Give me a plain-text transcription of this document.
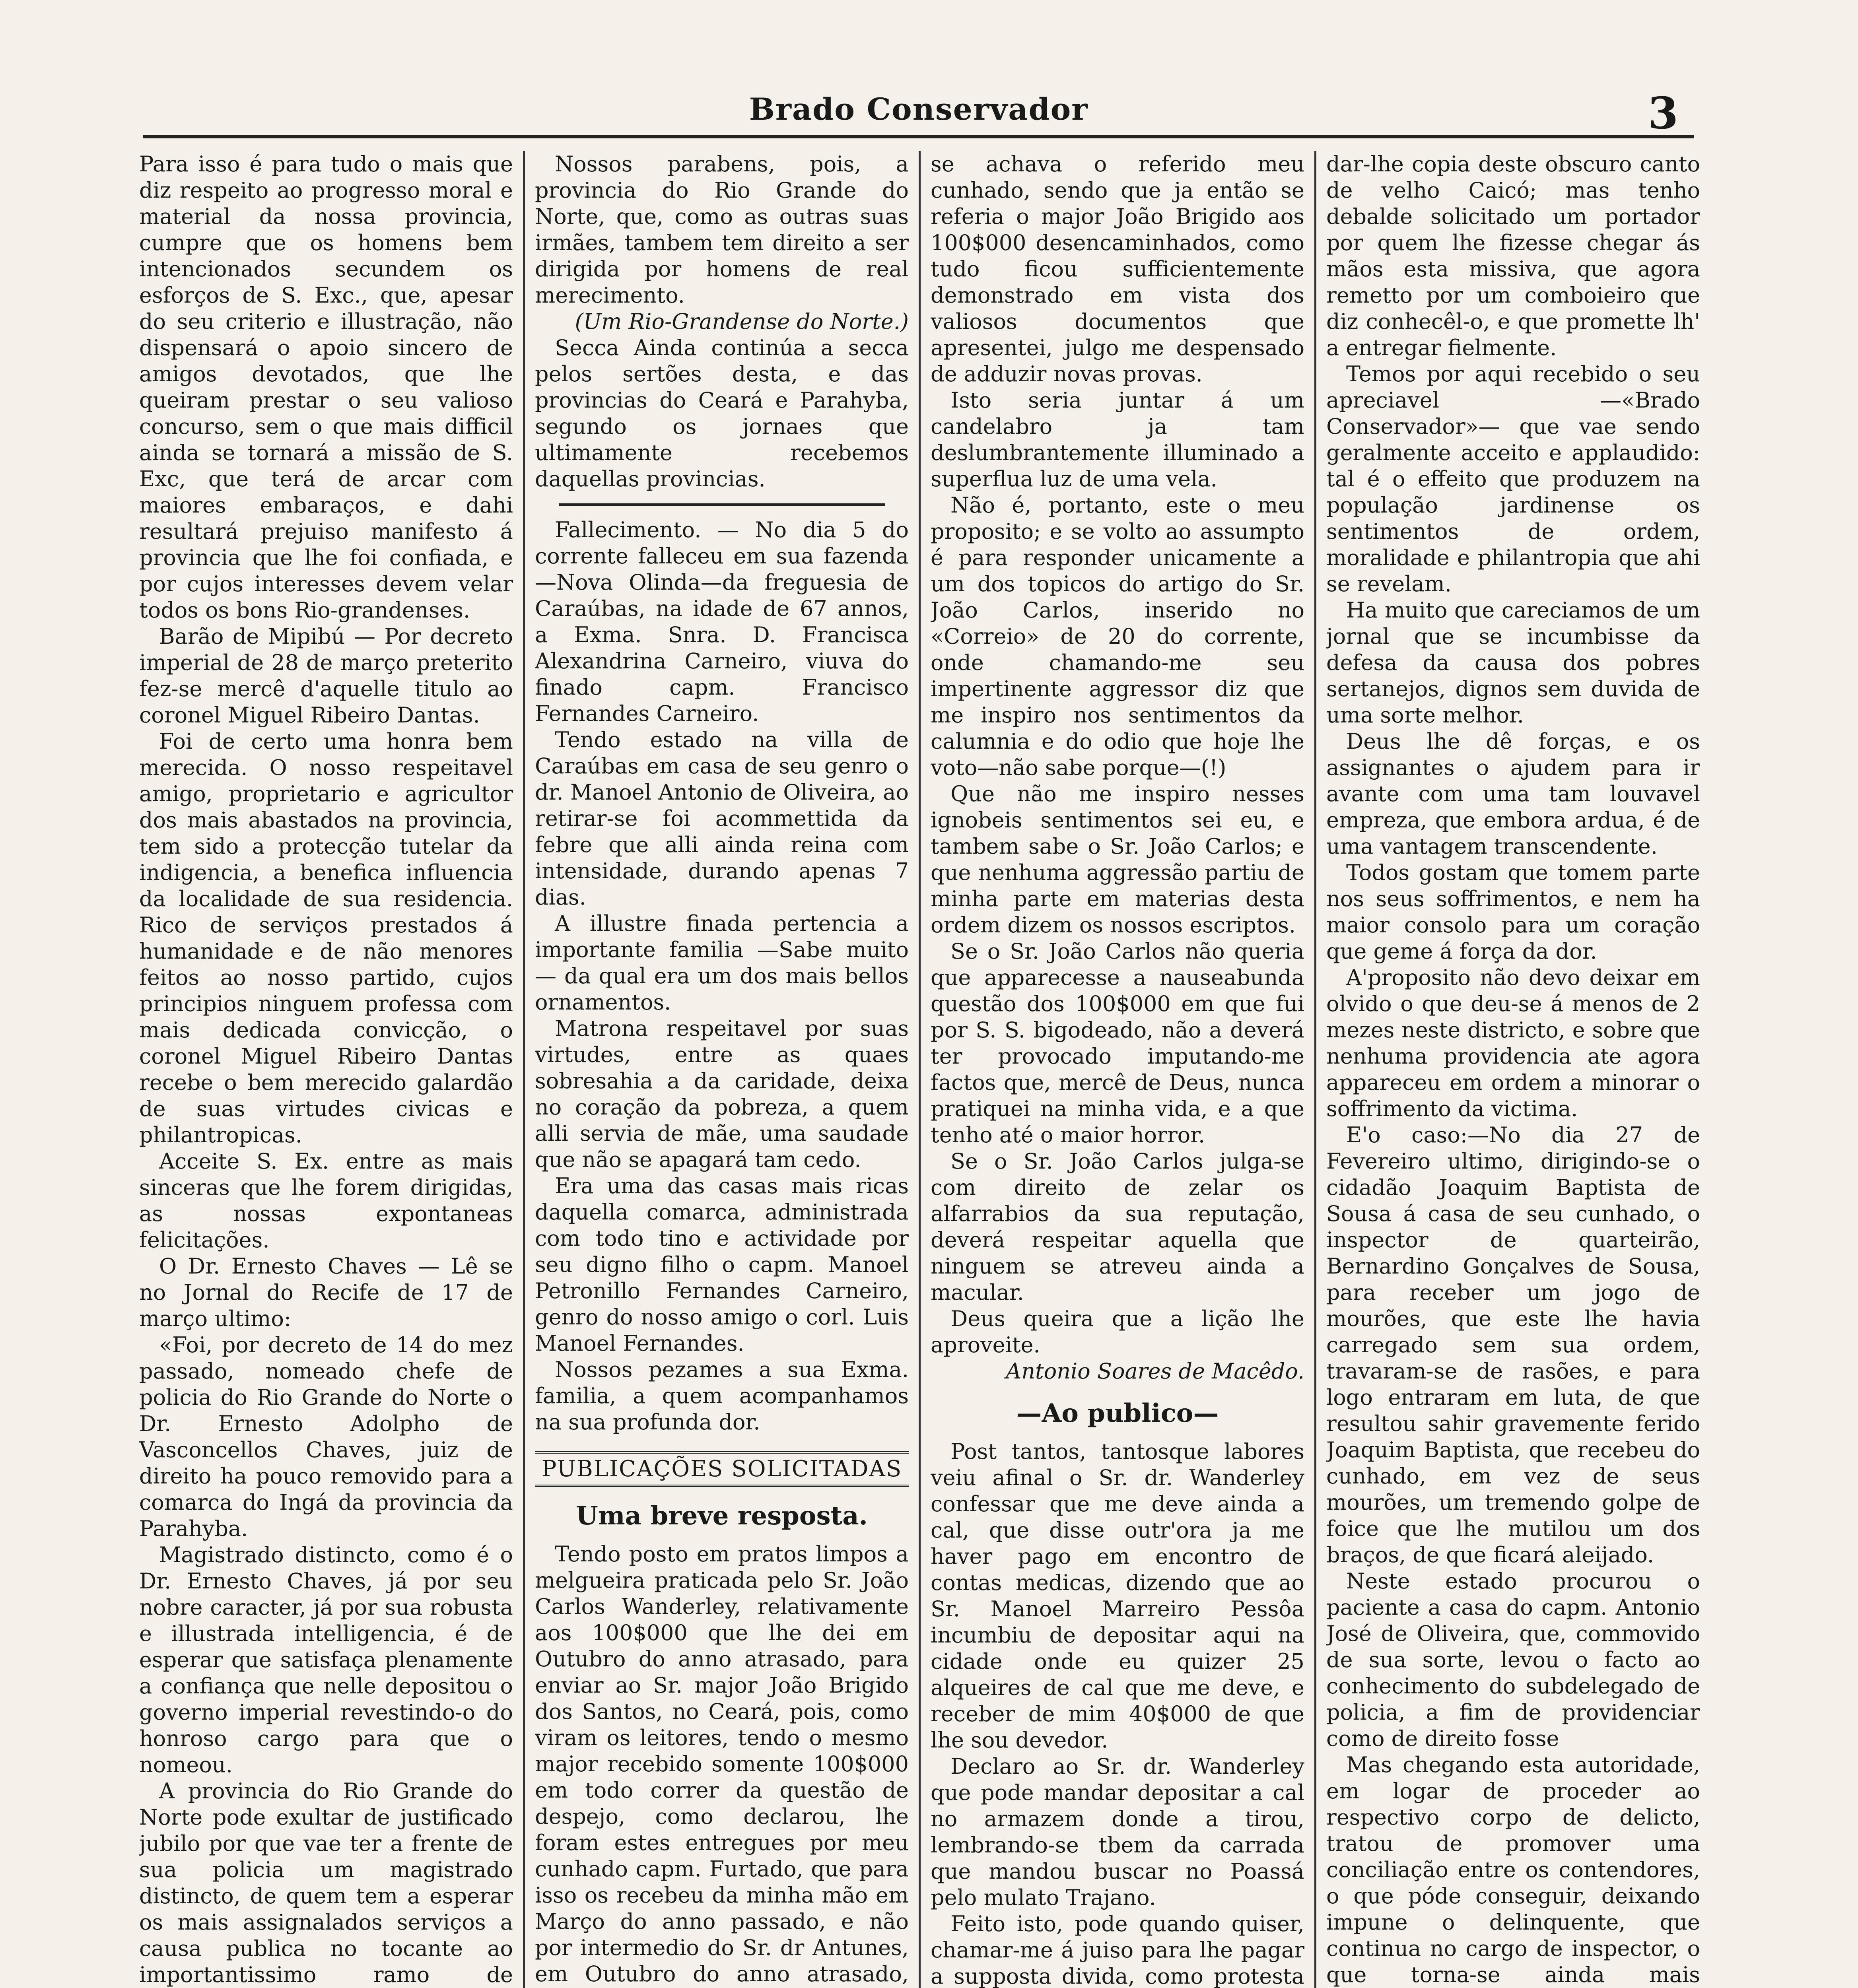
Brado Conservador	3

Para isso é para tudo o mais que diz respeito ao progresso moral e material da nossa provincia, cumpre que os homens bem intencionados secundem os esforços de S. Exc., que, apesar do seu criterio e illustração, não dispensará o apoio sincero de amigos devotados, que lhe queiram prestar o seu valioso concurso, sem o que mais difficil ainda se tornará a missão de S. Exc, que terá de arcar com maiores embaraços, e dahi resultará prejuiso manifesto á provincia que lhe foi confiada, e por cujos interesses devem velar todos os bons Rio-grandenses.

Barão de Mipibú — Por decreto imperial de 28 de março preterito fez-se mercê d'aquelle titulo ao coronel Miguel Ribeiro Dantas.

Foi de certo uma honra bem merecida. O nosso respeitavel amigo, proprietario e agricultor dos mais abastados na provincia, tem sido a protecção tutelar da indigencia, a benefica influencia da localidade de sua residencia. Rico de serviços prestados á humanidade e de não menores feitos ao nosso partido, cujos principios ninguem professa com mais dedicada convicção, o coronel Miguel Ribeiro Dantas recebe o bem merecido galardão de suas virtudes civicas e philantropicas.

Acceite S. Ex. entre as mais sinceras que lhe forem dirigidas, as nossas expontaneas felicitações.

O Dr. Ernesto Chaves — Lê se no Jornal do Recife de 17 de março ultimo:

«Foi, por decreto de 14 do mez passado, nomeado chefe de policia do Rio Grande do Norte o Dr. Ernesto Adolpho de Vasconcellos Chaves, juiz de direito ha pouco removido para a comarca do Ingá da provincia da Parahyba.

Magistrado distincto, como é o Dr. Ernesto Chaves, já por seu nobre caracter, já por sua robusta e illustrada intelligencia, é de esperar que satisfaça plenamente a confiança que nelle depositou o governo imperial revestindo-o do honroso cargo para que o nomeou.

A provincia do Rio Grande do Norte pode exultar de justificado jubilo por que vae ter a frente de sua policia um magistrado distincto, de quem tem a esperar os mais assignalados serviços a causa publica no tocante ao importantissimo ramo de

Nossos parabens, pois, a provincia do Rio Grande do Norte, que, como as outras suas irmães, tambem tem direito a ser dirigida por homens de real merecimento.

(Um Rio-Grandense do Norte.)

Secca Ainda continúa a secca pelos sertões desta, e das provincias do Ceará e Parahyba, segundo os jornaes que ultimamente recebemos daquellas provincias.

Fallecimento. — No dia 5 do corrente falleceu em sua fazenda —Nova Olinda—da freguesia de Caraúbas, na idade de 67 annos, a Exma. Snra. D. Francisca Alexandrina Carneiro, viuva do finado capm. Francisco Fernandes Carneiro.

Tendo estado na villa de Caraúbas em casa de seu genro o dr. Manoel Antonio de Oliveira, ao retirar-se foi acommettida da febre que alli ainda reina com intensidade, durando apenas 7 dias.

A illustre finada pertencia a importante familia —Sabe muito— da qual era um dos mais bellos ornamentos.

Matrona respeitavel por suas virtudes, entre as quaes sobresahia a da caridade, deixa no coração da pobreza, a quem alli servia de mãe, uma saudade que não se apagará tam cedo.

Era uma das casas mais ricas daquella comarca, administrada com todo tino e actividade por seu digno filho o capm. Manoel Petronillo Fernandes Carneiro, genro do nosso amigo o corl. Luis Manoel Fernandes.

Nossos pezames a sua Exma. familia, a quem acompanhamos na sua profunda dor.

PUBLICAÇÕES SOLICITADAS
Uma breve resposta.

Tendo posto em pratos limpos a melgueira praticada pelo Sr. João Carlos Wanderley, relativamente aos 100$000 que lhe dei em Outubro do anno atrasado, para enviar ao Sr. major João Brigido dos Santos, no Ceará, pois, como viram os leitores, tendo o mesmo major recebido somente 100$000 em todo correr da questão de despejo, como declarou, lhe foram estes entregues por meu cunhado capm. Furtado, que para isso os recebeu da minha mão em Março do anno passado, e não por intermedio do Sr. dr Antunes, em Outubro do anno atrasado,

se achava o referido meu cunhado, sendo que ja então se referia o major João Brigido aos 100$000 desencaminhados, como tudo ficou sufficientemente demonstrado em vista dos valiosos documentos que apresentei, julgo me despensado de adduzir novas provas.

Isto seria juntar á um candelabro ja tam deslumbrantemente illuminado a superflua luz de uma vela.

Não é, portanto, este o meu proposito; e se volto ao assumpto é para responder unicamente a um dos topicos do artigo do Sr. João Carlos, inserido no «Correio» de 20 do corrente, onde chamando-me seu impertinente aggressor diz que me inspiro nos sentimentos da calumnia e do odio que hoje lhe voto—não sabe porque—(!)

Que não me inspiro nesses ignobeis sentimentos sei eu, e tambem sabe o Sr. João Carlos; e que nenhuma aggressão partiu de minha parte em materias desta ordem dizem os nossos escriptos.

Se o Sr. João Carlos não queria que apparecesse a nauseabunda questão dos 100$000 em que fui por S. S. bigodeado, não a deverá ter provocado imputando-me factos que, mercê de Deus, nunca pratiquei na minha vida, e a que tenho até o maior horror.

Se o Sr. João Carlos julga-se com direito de zelar os alfarrabios da sua reputação, deverá respeitar aquella que ninguem se atreveu ainda a macular.

Deus queira que a lição lhe aproveite.

Antonio Soares de Macêdo.

—Ao publico—

Post tantos, tantosque labores veiu afinal o Sr. dr. Wanderley confessar que me deve ainda a cal, que disse outr'ora ja me haver pago em encontro de contas medicas, dizendo que ao Sr. Manoel Marreiro Pessôa incumbiu de depositar aqui na cidade onde eu quizer 25 alqueires de cal que me deve, e receber de mim 40$000 de que lhe sou devedor.

Declaro ao Sr. dr. Wanderley que pode mandar depositar a cal no armazem donde a tirou, lembrando-se tbem da carrada que mandou buscar no Poassá pelo mulato Trajano.

Feito isto, pode quando quiser, chamar-me á juiso para lhe pagar a supposta divida, como protesta

dar-lhe copia deste obscuro canto de velho Caicó; mas tenho debalde solicitado um portador por quem lhe fizesse chegar ás mãos esta missiva, que agora remetto por um comboieiro que diz conhecêl-o, e que promette lh' a entregar fielmente.

Temos por aqui recebido o seu apreciavel —«Brado Conservador»— que vae sendo geralmente acceito e applaudido: tal é o effeito que produzem na população jardinense os sentimentos de ordem, moralidade e philantropia que ahi se revelam.

Ha muito que careciamos de um jornal que se incumbisse da defesa da causa dos pobres sertanejos, dignos sem duvida de uma sorte melhor.

Deus lhe dê forças, e os assignantes o ajudem para ir avante com uma tam louvavel empreza, que embora ardua, é de uma vantagem transcendente.

Todos gostam que tomem parte nos seus soffrimentos, e nem ha maior consolo para um coração que geme á força da dor.

A'proposito não devo deixar em olvido o que deu-se á menos de 2 mezes neste districto, e sobre que nenhuma providencia ate agora appareceu em ordem a minorar o soffrimento da victima.

E'o caso:—No dia 27 de Fevereiro ultimo, dirigindo-se o cidadão Joaquim Baptista de Sousa á casa de seu cunhado, o inspector de quarteirão, Bernardino Gonçalves de Sousa, para receber um jogo de mourões, que este lhe havia carregado sem sua ordem, travaram-se de rasões, e para logo entraram em luta, de que resultou sahir gravemente ferido Joaquim Baptista, que recebeu do cunhado, em vez de seus mourões, um tremendo golpe de foice que lhe mutilou um dos braços, de que ficará aleijado.

Neste estado procurou o paciente a casa do capm. Antonio José de Oliveira, que, commovido de sua sorte, levou o facto ao conhecimento do subdelegado de policia, a fim de providenciar como de direito fosse

Mas chegando esta autoridade, em logar de proceder ao respectivo corpo de delicto, tratou de promover uma conciliação entre os contendores, o que póde conseguir, deixando impune o delinquente, que continua no cargo de inspector, o que torna-se ainda mais
